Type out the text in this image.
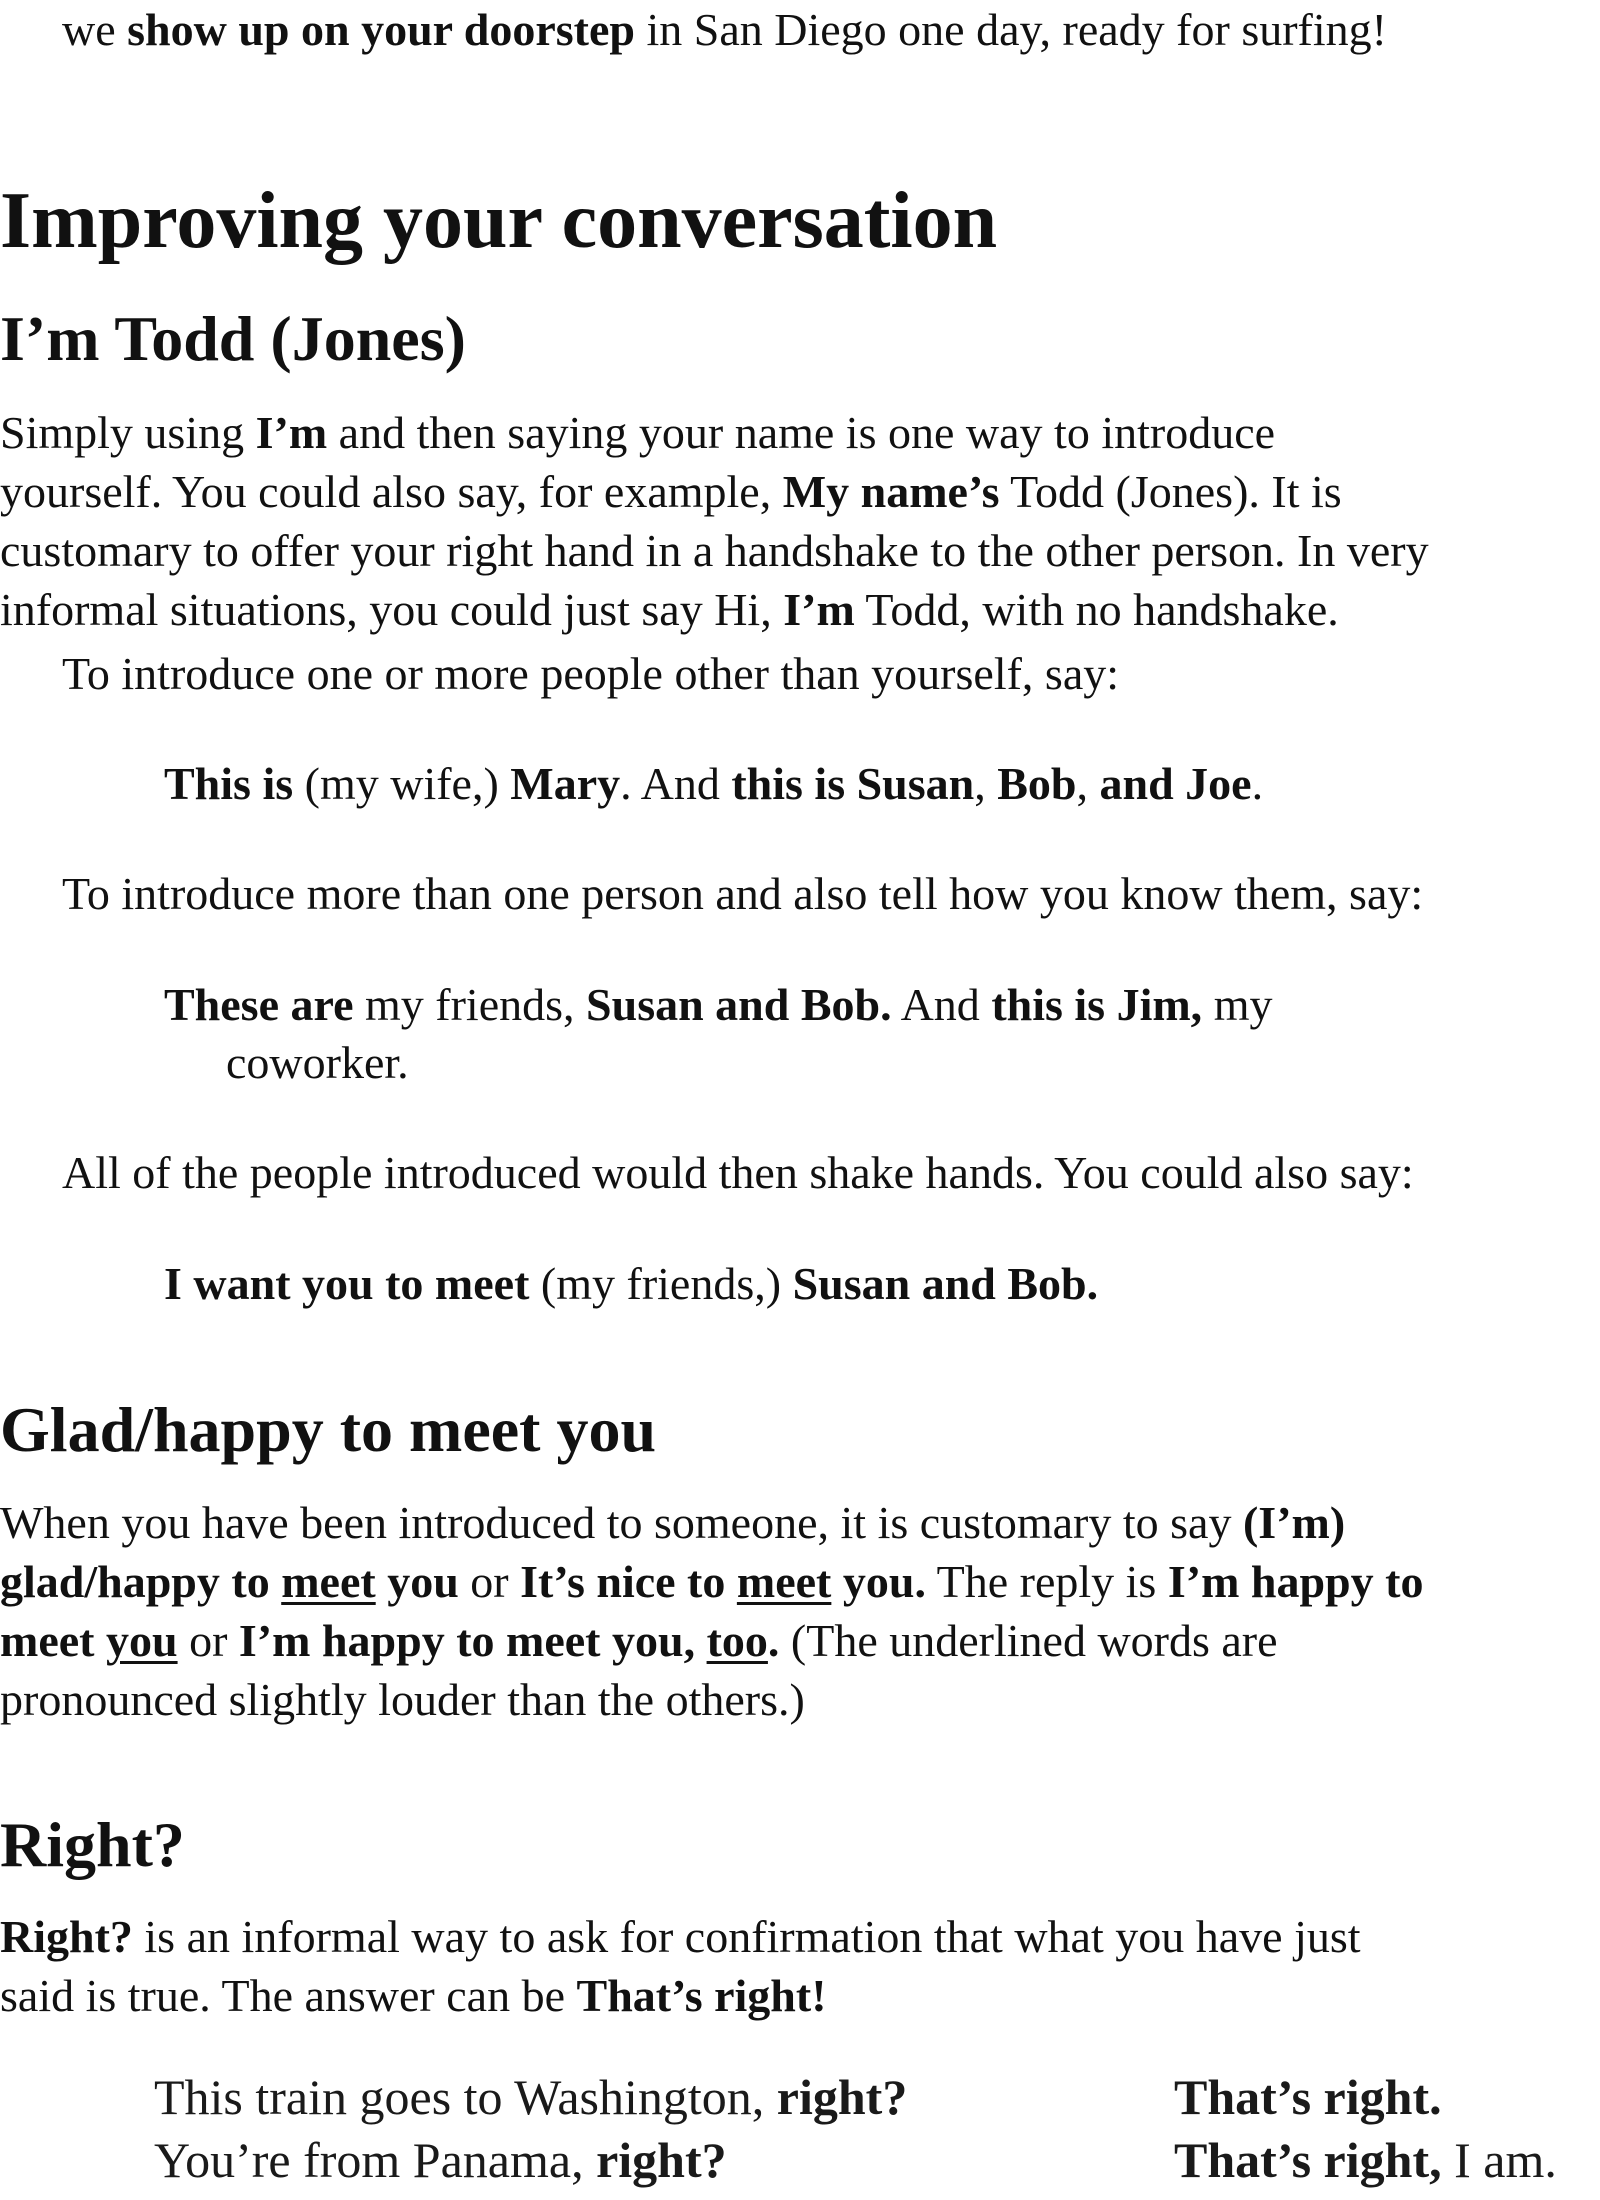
we show up on your doorstep in San Diego one day, ready for surfing!
Improving your conversation
I’m Todd (Jones)
Simply using I’m and then saying your name is one way to introduce
yourself. You could also say, for example, My name’s Todd (Jones). It is
customary to offer your right hand in a handshake to the other person. In very
informal situations, you could just say Hi, I’m Todd, with no handshake.
To introduce one or more people other than yourself, say:
This is (my wife,) Mary. And this is Susan, Bob, and Joe.
To introduce more than one person and also tell how you know them, say:
These are my friends, Susan and Bob. And this is Jim, my
coworker.
All of the people introduced would then shake hands. You could also say:
I want you to meet (my friends,) Susan and Bob.
Glad/happy to meet you
When you have been introduced to someone, it is customary to say (I’m)
glad/happy to meet you or It’s nice to meet you. The reply is I’m happy to
meet you or I’m happy to meet you, too. (The underlined words are
pronounced slightly louder than the others.)
Right?
Right? is an informal way to ask for confirmation that what you have just
said is true. The answer can be That’s right!
This train goes to Washington, right?	That’s right.
You’re from Panama, right?	That’s right, I am.
